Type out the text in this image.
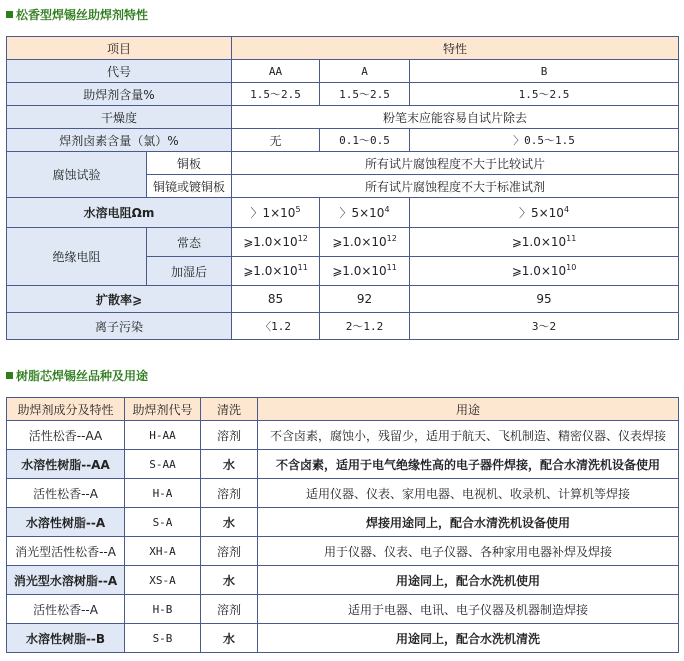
松香型焊锡丝助焊剂特性
项目		特性		
代号		AA	A	B
助焊剂含量%		1.5～2.5	1.5～2.5	1.5～2.5
干燥度		粉笔末应能容易自试片除去		
焊剂卤素含量（氯）%		无	0.1～0.5	〉0.5～1.5
腐蚀试验	铜板	所有试片腐蚀程度不大于比较试片		
	铜镜或镀铜板	所有试片腐蚀程度不大于标准试剂		
水溶电阻Ωm		〉$1\times 10^5$	〉$5\times 10^4$	〉$5\times 10^4$
绝缘电阻	常态	$⩾1.0\times 10^{12}$	$⩾1.0\times 10^{12}$	$⩾1.0\times 10^{11}$
	加湿后	$⩾1.0\times 10^{11}$	$⩾1.0\times 10^{11}$	$⩾1.0\times 10^{10}$
扩散率⩾		85	92	95
离子污染		〈1.2	2～1.2	3～2
树脂芯焊锡丝品种及用途
助焊剂成分及特性	助焊剂代号	清洗	用途
活性松香--AA	H-AA	溶剂	不含卤素，腐蚀小，残留少，适用于航天、飞机制造、精密仪器、仪表焊接
水溶性树脂--AA	S-AA	水	不含卤素，适用于电气绝缘性高的电子器件焊接，配合水清洗机设备使用
活性松香--A	H-A	溶剂	适用仪器、仪表、家用电器、电视机、收录机、计算机等焊接
水溶性树脂--A	S-A	水	焊接用途同上，配合水清洗机设备使用
消光型活性松香--A	XH-A	溶剂	用于仪器、仪表、电子仪器、各种家用电器补焊及焊接
消光型水溶树脂--A	XS-A	水	用途同上，配合水洗机使用
活性松香--A	H-B	溶剂	适用于电器、电讯、电子仪器及机器制造焊接
水溶性树脂--B	S-B	水	用途同上，配合水洗机清洗
